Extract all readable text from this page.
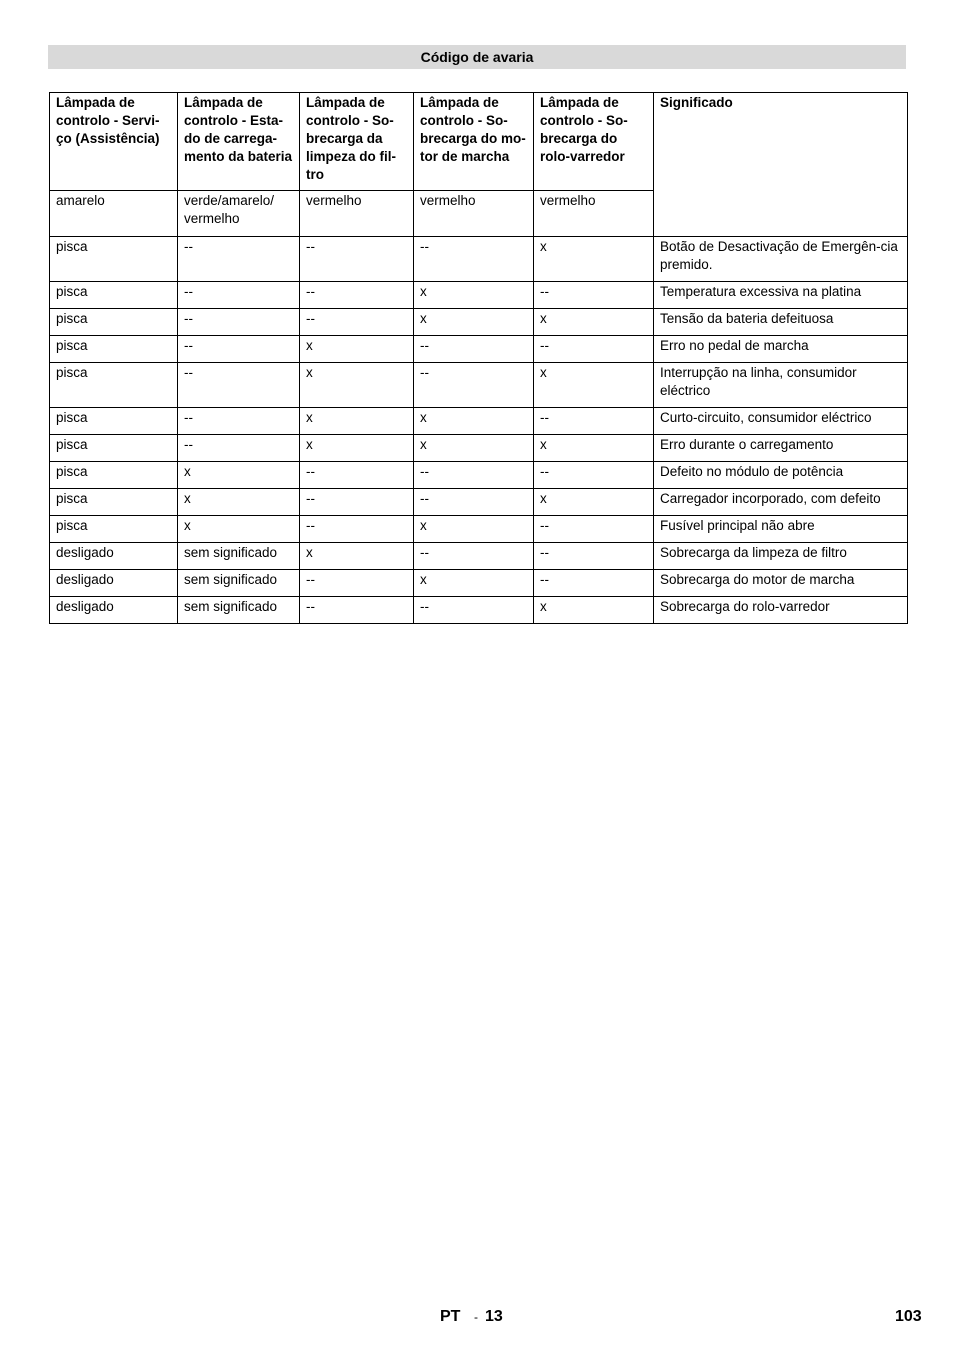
Código de avaria
Lâmpada de controlo - Servi-ço (Assistência)	Lâmpada de controlo - Esta-do de carrega-mento da bateria	Lâmpada de controlo - So-brecarga da limpeza do fil-tro	Lâmpada de controlo - So-brecarga do mo-tor de marcha	Lâmpada de controlo - So-brecarga do rolo-varredor	Significado
amarelo	verde/amarelo/ vermelho	vermelho	vermelho	vermelho	
pisca	--	--	--	x	Botão de Desactivação de Emergên-cia premido.
pisca	--	--	x	--	Temperatura excessiva na platina
pisca	--	--	x	x	Tensão da bateria defeituosa
pisca	--	x	--	--	Erro no pedal de marcha
pisca	--	x	--	x	Interrupção na linha, consumidor eléctrico
pisca	--	x	x	--	Curto-circuito, consumidor eléctrico
pisca	--	x	x	x	Erro durante o carregamento
pisca	x	--	--	--	Defeito no módulo de potência
pisca	x	--	--	x	Carregador incorporado, com defeito
pisca	x	--	x	--	Fusível principal não abre
desligado	sem significado	x	--	--	Sobrecarga da limpeza de filtro
desligado	sem significado	--	x	--	Sobrecarga do motor de marcha
desligado	sem significado	--	--	x	Sobrecarga do rolo-varredor
PT - 13	103
